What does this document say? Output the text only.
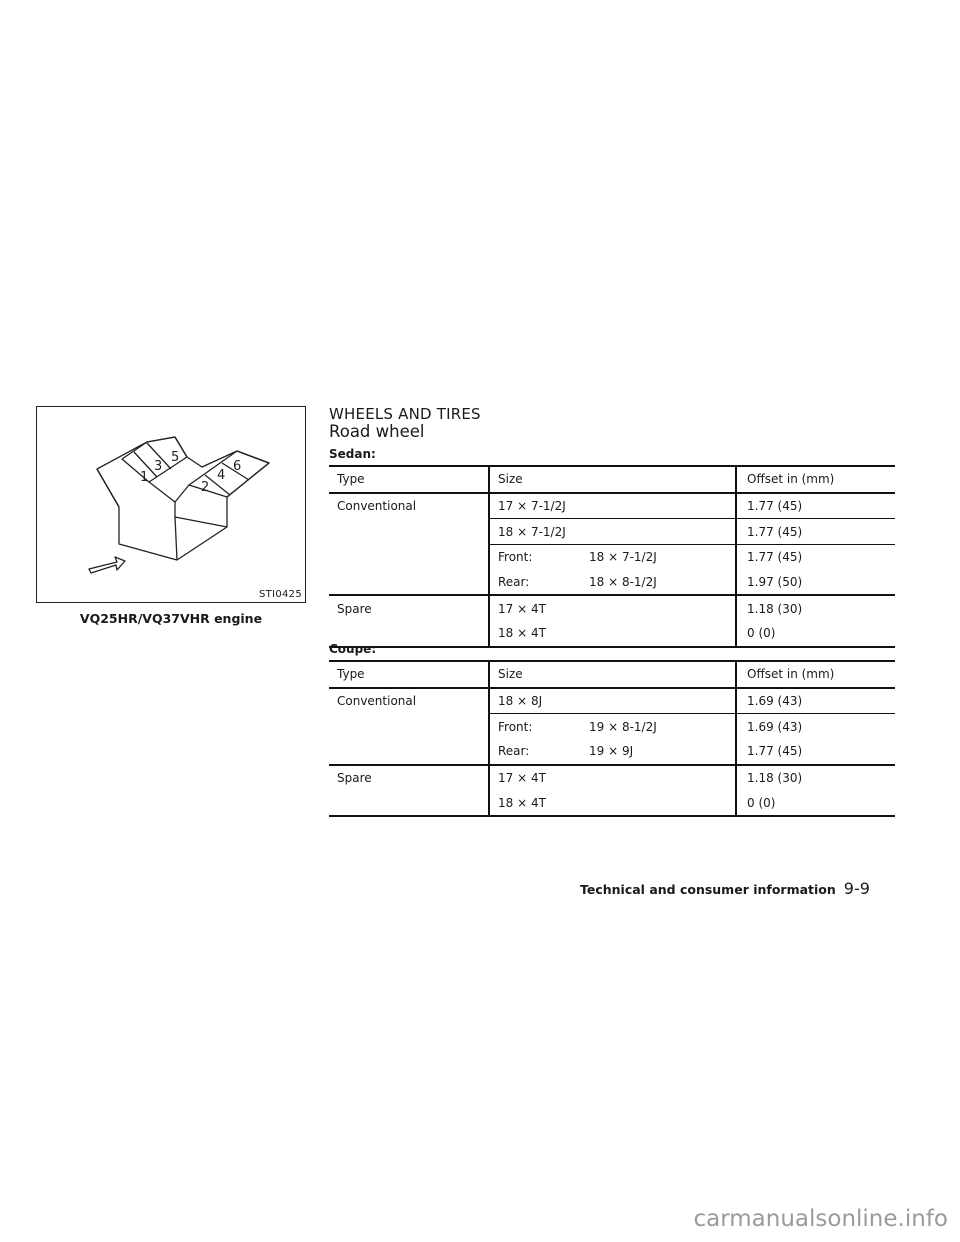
1
3
5
2
4
6
STI0425
VQ25HR/VQ37VHR engine
WHEELS AND TIRES
Road wheel
Sedan:
Type	Size	Offset in (mm)
Conventional	17 × 7-1/2J	1.77 (45)
	18 × 7-1/2J	1.77 (45)
	Front: 18 × 7-1/2J	1.77 (45)
	Rear: 18 × 8-1/2J	1.97 (50)
Spare	17 × 4T	1.18 (30)
	18 × 4T	0 (0)
Coupe:
Type	Size	Offset in (mm)
Conventional	18 × 8J	1.69 (43)
	Front: 19 × 8-1/2J	1.69 (43)
	Rear: 19 × 9J	1.77 (45)
Spare	17 × 4T	1.18 (30)
	18 × 4T	0 (0)
Technical and consumer information 9-9
carmanualsonline.info
